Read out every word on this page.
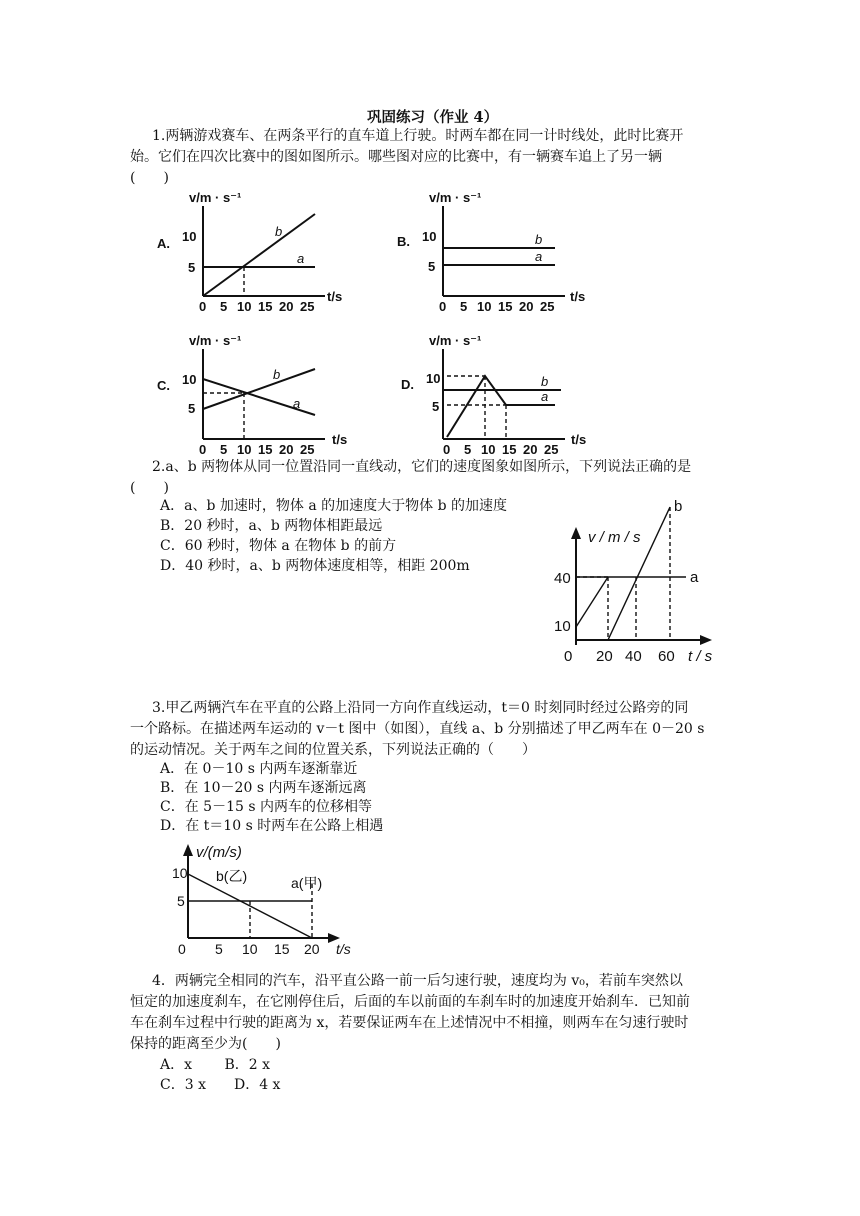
巩固练习（作业 4）
1.两辆游戏赛车、在两条平行的直车道上行驶。时两车都在同一计时线处，此时比赛开
始。它们在四次比赛中的图如图所示。哪些图对应的比赛中，有一辆赛车追上了另一辆
(　　)
v/m · s⁻¹
A. 10
5
b
a
0 5 10 15 20 25
t/s
v/m · s⁻¹
B. 10
5
b
a
0 5 10 15 20 25
t/s
v/m · s⁻¹
C. 10
5
b
a
0 5 10 15 20 25
t/s
v/m · s⁻¹
D. 10
5
b
a
0 5 10 15 20 25
t/s
2.a、b 两物体从同一位置沿同一直线动，它们的速度图象如图所示，下列说法正确的是
(　　)
A．a、b 加速时，物体 a 的加速度大于物体 b 的加速度
B．20 秒时，a、b 两物体相距最远
C．60 秒时，物体 a 在物体 b 的前方
D．40 秒时，a、b 两物体速度相等，相距 200m
v / m / s
40
10
a
b
0 20 40 60 t / s
3.甲乙两辆汽车在平直的公路上沿同一方向作直线运动，t＝0 时刻同时经过公路旁的同
一个路标。在描述两车运动的 v－t 图中（如图），直线 a、b 分别描述了甲乙两车在 0－20 s
的运动情况。关于两车之间的位置关系，下列说法正确的（　　）
A．在 0－10 s 内两车逐渐靠近
B．在 10－20 s 内两车逐渐远离
C．在 5－15 s 内两车的位移相等
D．在 t＝10 s 时两车在公路上相遇
v/(m/s)
10
5
b(乙)	a(甲)
0 5 10 15 20 t/s
4．两辆完全相同的汽车，沿平直公路一前一后匀速行驶，速度均为 v₀，若前车突然以
恒定的加速度刹车，在它刚停住后，后面的车以前面的车刹车时的加速度开始刹车．已知前
车在刹车过程中行驶的距离为 x，若要保证两车在上述情况中不相撞，则两车在匀速行驶时
保持的距离至少为(　　)
A．x　　 B．2 x
C．3 x　　D．4 x
